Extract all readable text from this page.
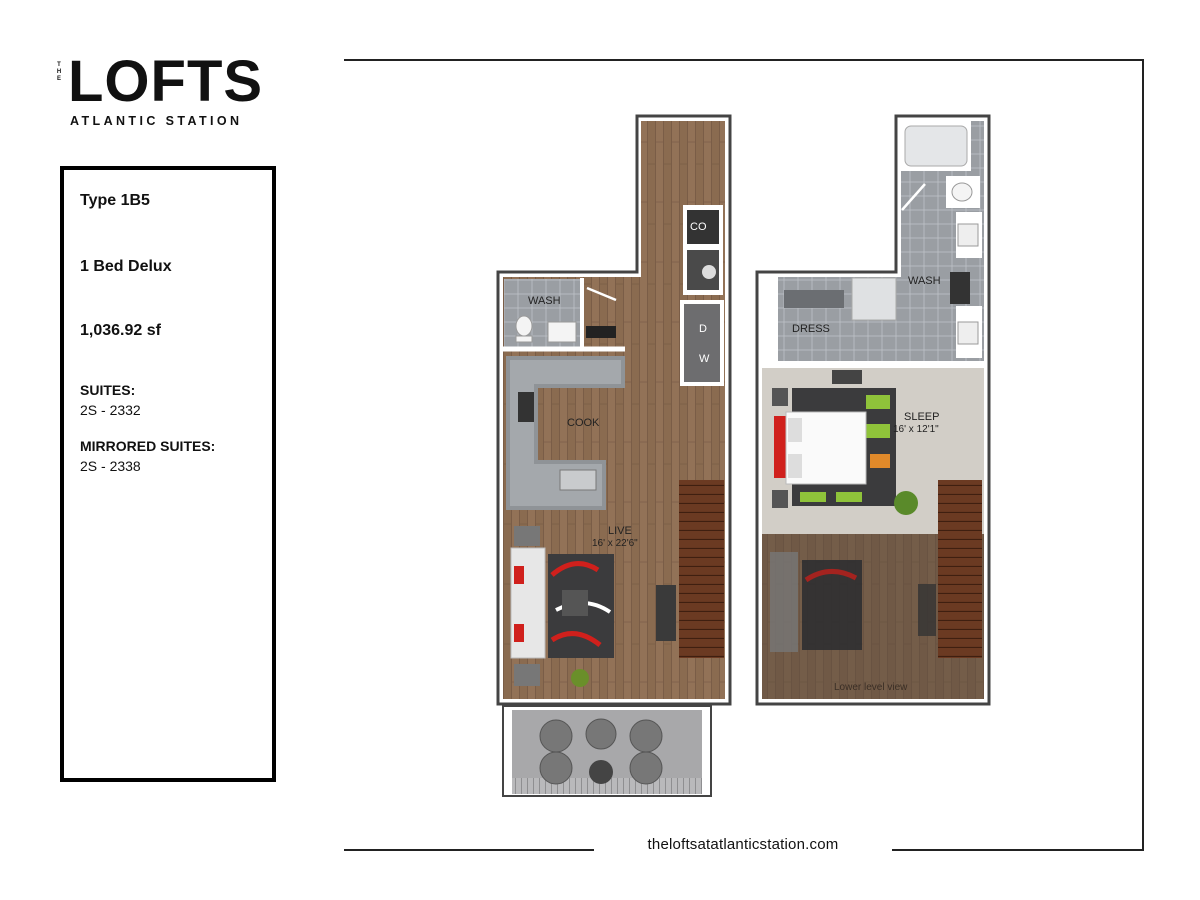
T
H
E LOFTS
ATLANTIC STATION
Type 1B5
1 Bed Delux
1,036.92 sf
SUITES:
2S - 2332
MIRRORED SUITES:
2S - 2338
theloftsatatlanticstation.com
WASH
CO
D
W
COOK
LIVE
16' x 22'6"
WASH
DRESS
SLEEP
16' x 12'1"
Lower level view
